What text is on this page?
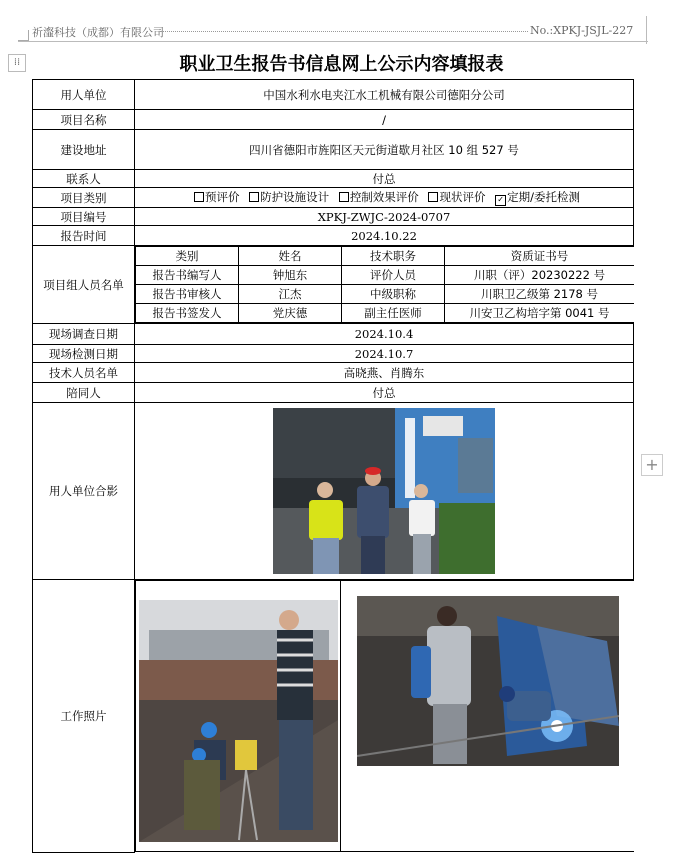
祈瀣科技（成都）有限公司	No.:XPKJ-JSJL-227
⁞⁞
+
职业卫生报告书信息网上公示内容填报表
用人单位	中国水利水电夹江水工机械有限公司德阳分公司
项目名称	/
建设地址	四川省德阳市旌阳区天元街道歇月社区 10 组 527 号
联系人	付总
项目类别	预评价 防护设施设计 控制效果评价 现状评价 ✓ 定期/委托检测
项目编号	XPKJ-ZWJC-2024-0707
报告时间	2024.10.22
项目组人员名单	
类别	姓名	技术职务	资质证书号
报告书编写人	钟旭东	评价人员	川职（评）20230222 号
报告书审核人	江杰	中级职称	川职卫乙级第 2178 号
报告书签发人	党庆德	副主任医师	川安卫乙构培字第 0041 号

现场调查日期	2024.10.4
现场检测日期	2024.10.7
技术人员名单	高晓燕、肖腾东
陪同人	付总
用人单位合影	

工作照片	
